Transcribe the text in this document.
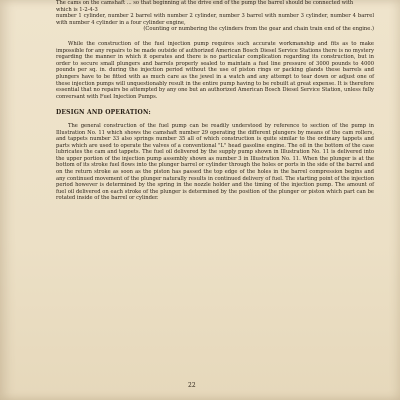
The cams on the camshaft ... so that beginning at the drive end of the pump the barrel should be connected with

which is 1-2-4-3

number 1 cylinder, number 2 barrel with number 2 cylinder, number 3 barrel with number 3 cylinder, number 4 barrel with number 4 cylinder in a four cylinder engine,

(Counting or numbering the cylinders from the gear and chain train end of the engine.)

While the construction of the fuel injection pump requires such accurate workmanship and fits as to make impossible for any repairs to be made outside of authorized American Bosch Diesel Service Stations there is no mystery regarding the manner in which it operates and there is no particular complication regarding its construction, but in order to secure small plungers and barrels properly sealed to maintain a fuel line pressure of 3000 pounds to 4000 pounds per sq. in. during the injection period without the use of piston rings or packing glands these barrels and plungers have to be fitted with as much care as the jewel in a watch and any attempt to tear down or adjust one of these injection pumps will unquestionably result in the entire pump having to be rebuilt at great expense. It is therefore essential that no repairs be attempted by any one but an authorized American Bosch Diesel Service Station, unless fully conversant with Fuel Injection Pumps.

DESIGN AND OPERATION:

The general construction of the fuel pump can be readily understood by reference to section of the pump in Illustration No. 11 which shows the camshaft number 29 operating the different plungers by means of the cam rollers, and tappets number 33 also springs number 35 all of which construction is quite similar to the ordinary tappets and parts which are used to operate the valves of a conventional "L" head gasoline engine. The oil in the bottom of the case lubricates the cam and tappets. The fuel oil delivered by the supply pump shown in Illustration No. 11 is delivered into the upper portion of the injection pump assembly shown as number 3 in Illustration No. 11. When the plunger is at the bottom of its stroke fuel flows into the plunger barrel or cylinder through the holes or ports in the side of the barrel and on the return stroke as soon as the piston has passed the top edge of the holes in the barrel compression begins and any continued movement of the plunger naturally results in continued delivery of fuel. The starting point of the injection period however is determined by the spring in the nozzle holder and the timing of the injection pump. The amount of fuel oil delivered on each stroke of the plunger is determined by the position of the plunger or piston which part can be rotated inside of the barrel or cylinder.

22
